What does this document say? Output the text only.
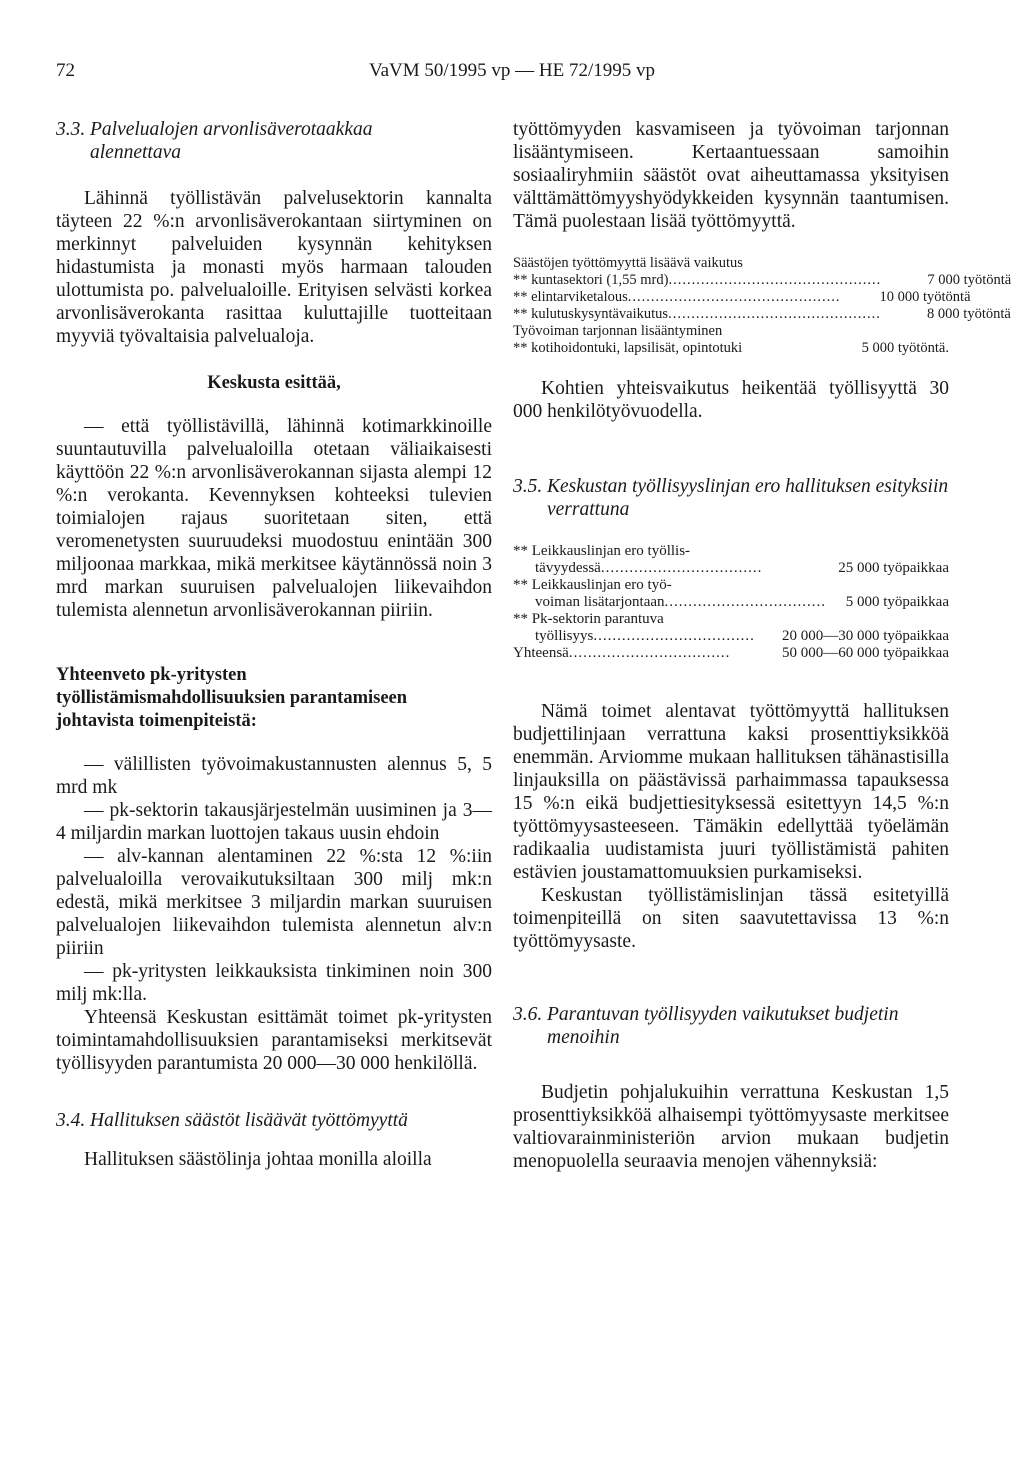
72	VaVM 50/1995 vp — HE 72/1995 vp
3.3. Palvelualojen arvonlisäverotaakkaa alennettava

Lähinnä työllistävän palvelusektorin kannalta täyteen 22 %:n arvonlisäverokantaan siirtyminen on merkinnyt palveluiden kysynnän kehityksen hidastumista ja monasti myös harmaan talouden ulottumista po. palvelualoille. Erityisen selvästi korkea arvonlisäverokanta rasittaa kuluttajille tuotteitaan myyviä työvaltaisia palvelualoja.

Keskusta esittää,

— että työllistävillä, lähinnä kotimarkkinoille suuntautuvilla palvelualoilla otetaan väliaikaisesti käyttöön 22 %:n arvonlisäverokannan sijasta alempi 12 %:n verokanta. Kevennyksen kohteeksi tulevien toimialojen rajaus suoritetaan siten, että veromenetysten suuruudeksi muodostuu enintään 300 miljoonaa markkaa, mikä merkitsee käytännössä noin 3 mrd markan suuruisen palvelualojen liikevaihdon tulemista alennetun arvonlisäverokannan piiriin.

Yhteenveto pk-yritysten työllistämismahdollisuuksien parantamiseen johtavista toimenpiteistä:

— välillisten työvoimakustannusten alennus 5, 5 mrd mk

— pk-sektorin takausjärjestelmän uusiminen ja 3—4 miljardin markan luottojen takaus uusin ehdoin

— alv-kannan alentaminen 22 %:sta 12 %:iin palvelualoilla verovaikutuksiltaan 300 milj mk:n edestä, mikä merkitsee 3 miljardin markan suuruisen palvelualojen liikevaihdon tulemista alennetun alv:n piiriin

— pk-yritysten leikkauksista tinkiminen noin 300 milj mk:lla.

Yhteensä Keskustan esittämät toimet pk-yritysten toimintamahdollisuuksien parantamiseksi merkitsevät työllisyyden parantumista 20 000—30 000 henkilöllä.

3.4. Hallituksen säästöt lisäävät työttömyyttä

Hallituksen säästölinja johtaa monilla aloilla

työttömyyden kasvamiseen ja työvoiman tarjonnan lisääntymiseen. Kertaantuessaan samoihin sosiaaliryhmiin säästöt ovat aiheuttamassa yksityisen välttämättömyyshyödykkeiden kysynnän taantumisen. Tämä puolestaan lisää työttömyyttä.

Säästöjen työttömyyttä lisäävä vaikutus
** kuntasektori (1,55 mrd) ..............................................	7 000 työtöntä
** elintarviketalous ..............................................	10 000 työtöntä
** kulutuskysyntävaikutus ..............................................	8 000 työtöntä
Työvoiman tarjonnan lisääntyminen
** kotihoidontuki, lapsilisät, opintotuki	5 000 työtöntä.

Kohtien yhteisvaikutus heikentää työllisyyttä 30 000 henkilötyövuodella.

3.5. Keskustan työllisyyslinjan ero hallituksen esityksiin verrattuna
** Leikkauslinjan ero työllis-
tävyydessä ..................................	25 000 työpaikkaa
** Leikkauslinjan ero työ-
voiman lisätarjontaan ..................................	5 000 työpaikkaa
** Pk-sektorin parantuva
työllisyys ..................................	20 000—30 000 työpaikkaa
Yhteensä ..................................	50 000—60 000 työpaikkaa

Nämä toimet alentavat työttömyyttä hallituksen budjettilinjaan verrattuna kaksi prosenttiyksikköä enemmän. Arviomme mukaan hallituksen tähänastisilla linjauksilla on päästävissä parhaimmassa tapauksessa 15 %:n eikä budjettiesityksessä esitettyyn 14,5 %:n työttömyysasteeseen. Tämäkin edellyttää työelämän radikaalia uudistamista juuri työllistämistä pahiten estävien joustamattomuuksien purkamiseksi.

Keskustan työllistämislinjan tässä esitetyillä toimenpiteillä on siten saavutettavissa 13 %:n työttömyysaste.

3.6. Parantuvan työllisyyden vaikutukset budjetin menoihin

Budjetin pohjalukuihin verrattuna Keskustan 1,5 prosenttiyksikköä alhaisempi työttömyysaste merkitsee valtiovarainministeriön arvion mukaan budjetin menopuolella seuraavia menojen vähennyksiä:
